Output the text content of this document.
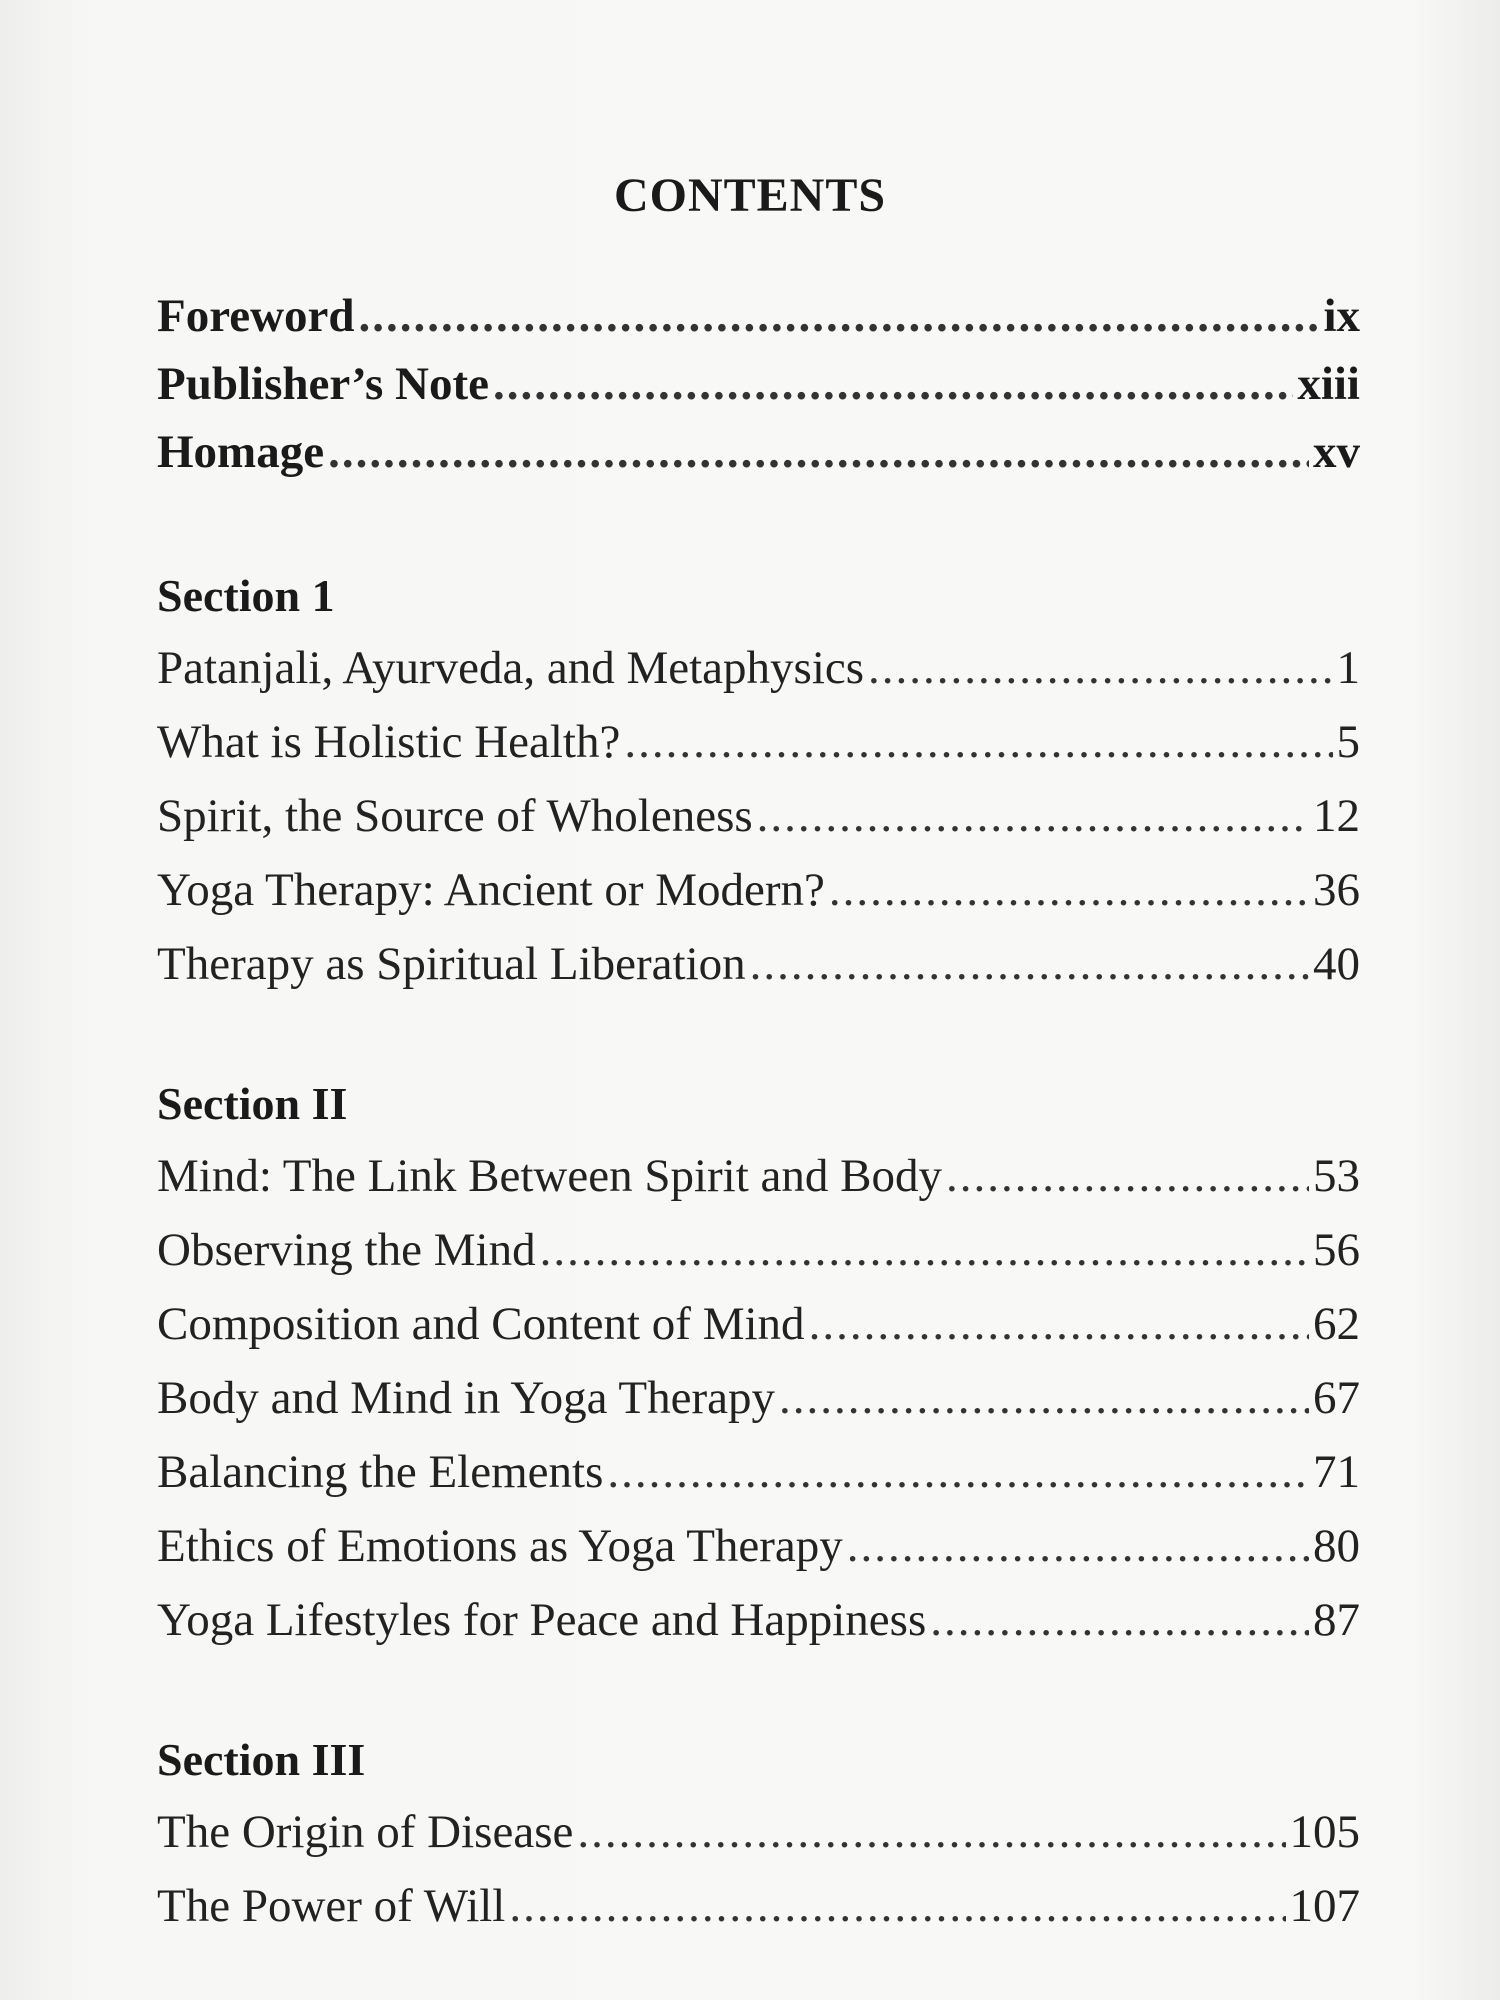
CONTENTS
Foreword .....	ix
Publisher’s Note .....	xiii
Homage .....	xv
Section 1
Patanjali, Ayurveda, and Metaphysics .....	1
What is Holistic Health? .....	5
Spirit, the Source of Wholeness .....	12
Yoga Therapy: Ancient or Modern? .....	36
Therapy as Spiritual Liberation .....	40
Section II
Mind: The Link Between Spirit and Body .....	53
Observing the Mind .....	56
Composition and Content of Mind .....	62
Body and Mind in Yoga Therapy .....	67
Balancing the Elements .....	71
Ethics of Emotions as Yoga Therapy .....	80
Yoga Lifestyles for Peace and Happiness .....	87
Section III
The Origin of Disease .....	105
The Power of Will .....	107
